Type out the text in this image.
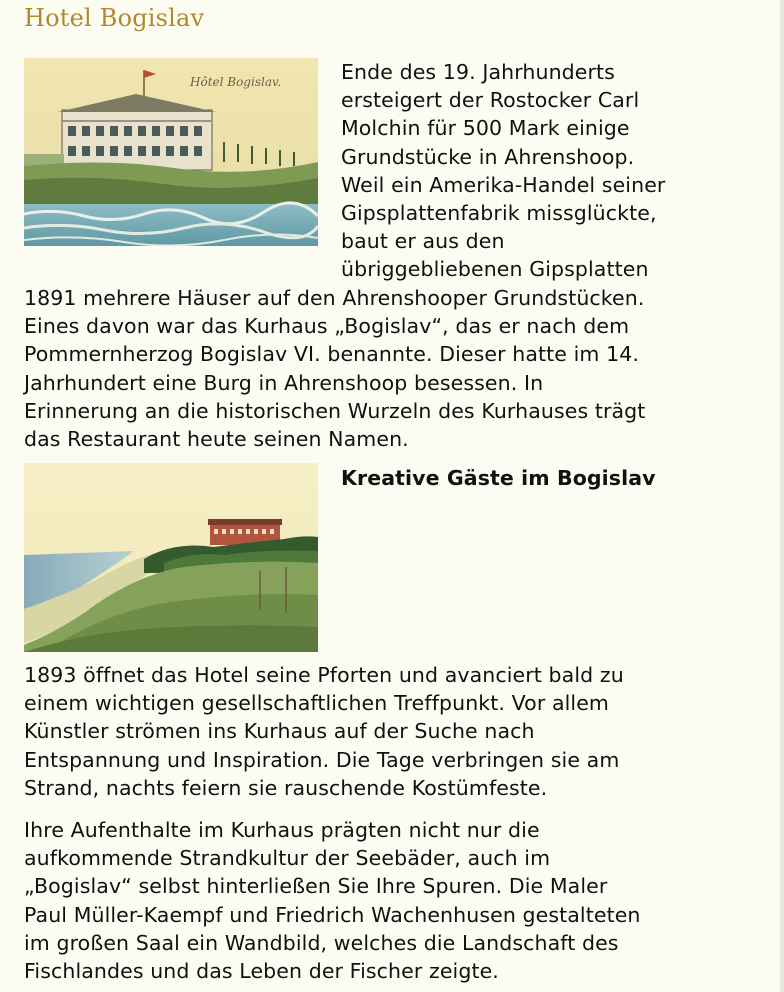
Hotel Bogislav
Hôtel Bogislav.	Ende des 19. Jahrhunderts
ersteigert der Rostocker Carl
Molchin für 500 Mark einige
Grundstücke in Ahrenshoop.
Weil ein Amerika-Handel seiner
Gipsplattenfabrik missglückte,
baut er aus den
übriggebliebenen Gipsplatten
1891 mehrere Häuser auf den Ahrenshooper Grundstücken.
Eines davon war das Kurhaus „Bogislav“, das er nach dem
Pommernherzog Bogislav VI. benannte. Dieser hatte im 14.
Jahrhundert eine Burg in Ahrenshoop besessen. In
Erinnerung an die historischen Wurzeln des Kurhauses trägt
das Restaurant heute seinen Namen.
Kreative Gäste im Bogislav
1893 öffnet das Hotel seine Pforten und avanciert bald zu
einem wichtigen gesellschaftlichen Treffpunkt. Vor allem
Künstler strömen ins Kurhaus auf der Suche nach
Entspannung und Inspiration. Die Tage verbringen sie am
Strand, nachts feiern sie rauschende Kostümfeste.
Ihre Aufenthalte im Kurhaus prägten nicht nur die
aufkommende Strandkultur der Seebäder, auch im
„Bogislav“ selbst hinterließen Sie Ihre Spuren. Die Maler
Paul Müller-Kaempf und Friedrich Wachenhusen gestalteten
im großen Saal ein Wandbild, welches die Landschaft des
Fischlandes und das Leben der Fischer zeigte.
